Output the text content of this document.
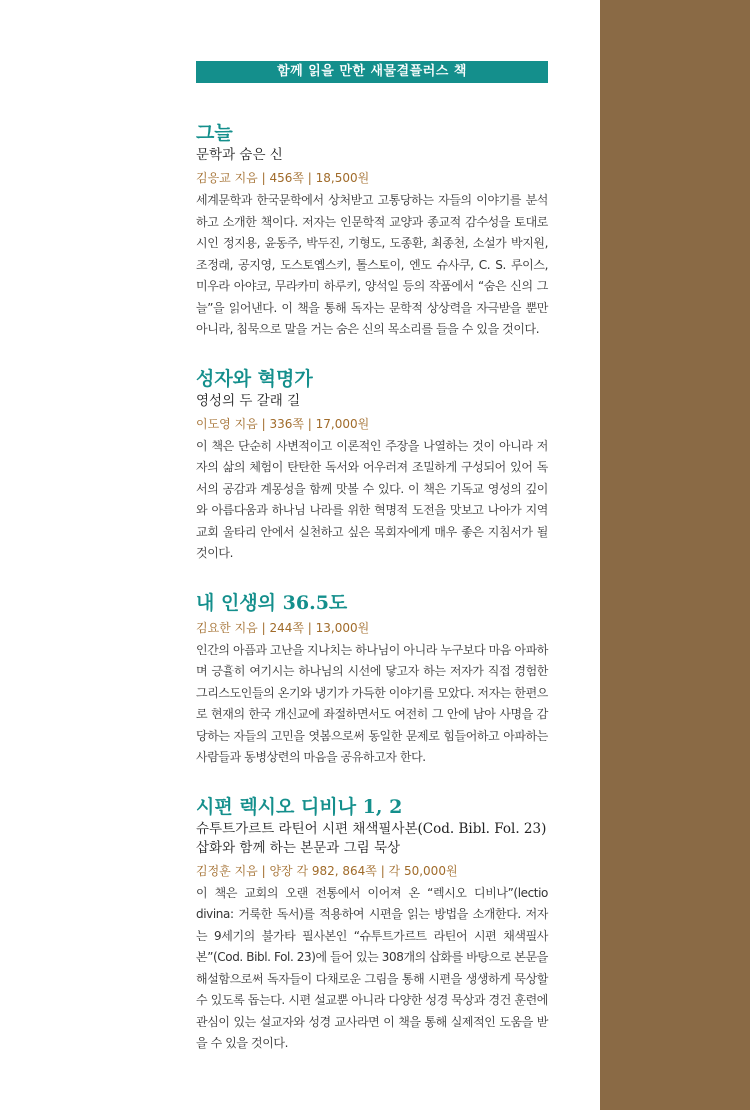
함께 읽을 만한 새물결플러스 책
그늘
문학과 숨은 신
김응교 지음 | 456쪽 | 18,500원

세계문학과 한국문학에서 상처받고 고통당하는 자들의 이야기를 분석하고 소개한 책이다. 저자는 인문학적 교양과 종교적 감수성을 토대로 시인 정지용, 윤동주, 박두진, 기형도, 도종환, 최종천, 소설가 박지원, 조정래, 공지영, 도스토옙스키, 톨스토이, 엔도 슈사쿠, C. S. 루이스, 미우라 아야코, 무라카미 하루키, 양석일 등의 작품에서 “숨은 신의 그늘”을 읽어낸다. 이 책을 통해 독자는 문학적 상상력을 자극받을 뿐만 아니라, 침묵으로 말을 거는 숨은 신의 목소리를 들을 수 있을 것이다.

성자와 혁명가
영성의 두 갈래 길
이도영 지음 | 336쪽 | 17,000원

이 책은 단순히 사변적이고 이론적인 주장을 나열하는 것이 아니라 저자의 삶의 체험이 탄탄한 독서와 어우러져 조밀하게 구성되어 있어 독서의 공감과 계몽성을 함께 맛볼 수 있다. 이 책은 기독교 영성의 깊이와 아름다움과 하나님 나라를 위한 혁명적 도전을 맛보고 나아가 지역 교회 울타리 안에서 실천하고 싶은 목회자에게 매우 좋은 지침서가 될 것이다.

내 인생의 36.5도
김요한 지음 | 244쪽 | 13,000원

인간의 아픔과 고난을 지나치는 하나님이 아니라 누구보다 마음 아파하며 긍휼히 여기시는 하나님의 시선에 닿고자 하는 저자가 직접 경험한 그리스도인들의 온기와 냉기가 가득한 이야기를 모았다. 저자는 한편으로 현재의 한국 개신교에 좌절하면서도 여전히 그 안에 남아 사명을 감당하는 자들의 고민을 엿봄으로써 동일한 문제로 힘들어하고 아파하는 사람들과 동병상련의 마음을 공유하고자 한다.

시편 렉시오 디비나 1, 2
슈투트가르트 라틴어 시편 채색필사본(Cod. Bibl. Fol. 23) 삽화와 함께 하는 본문과 그림 묵상
김정훈 지음 | 양장 각 982, 864쪽 | 각 50,000원

이 책은 교회의 오랜 전통에서 이어져 온 “렉시오 디비나”(lectio divina: 거룩한 독서)를 적용하여 시편을 읽는 방법을 소개한다. 저자는 9세기의 불가타 필사본인 “슈투트가르트 라틴어 시편 채색필사본”(Cod. Bibl. Fol. 23)에 들어 있는 308개의 삽화를 바탕으로 본문을 해설함으로써 독자들이 다채로운 그림을 통해 시편을 생생하게 묵상할 수 있도록 돕는다. 시편 설교뿐 아니라 다양한 성경 묵상과 경건 훈련에 관심이 있는 설교자와 성경 교사라면 이 책을 통해 실제적인 도움을 받을 수 있을 것이다.
